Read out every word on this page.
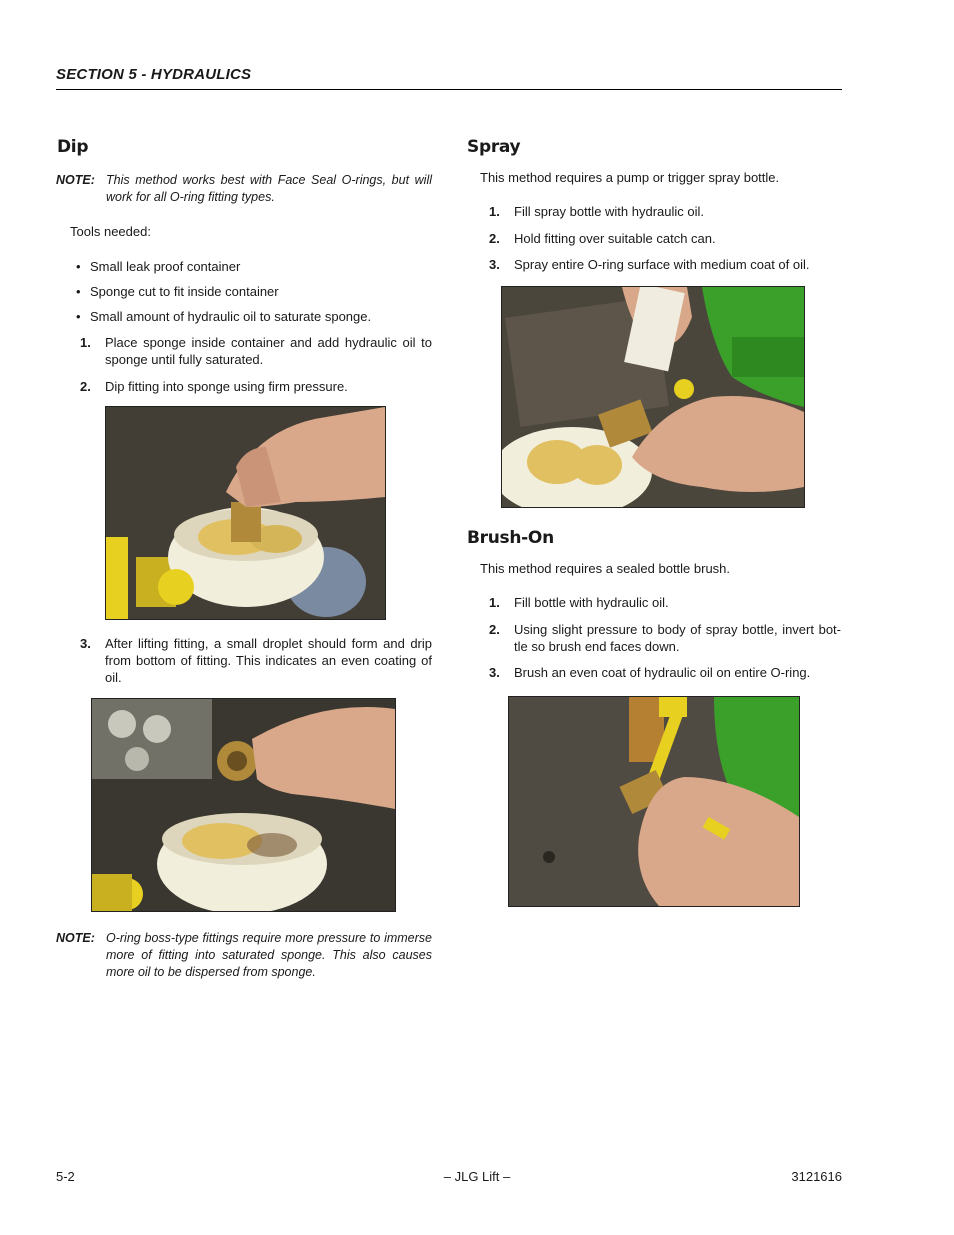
SECTION 5 - HYDRAULICS
Dip
NOTE: This method works best with Face Seal O-rings, but will work for all O-ring fitting types.
Tools needed:
• Small leak proof container
• Sponge cut to fit inside container
• Small amount of hydraulic oil to saturate sponge.
1. Place sponge inside container and add hydraulic oil to sponge until fully saturated.
2. Dip fitting into sponge using firm pressure.
3. After lifting fitting, a small droplet should form and drip from bottom of fitting. This indicates an even coating of oil.
NOTE: O-ring boss-type fittings require more pressure to immerse more of fitting into saturated sponge. This also causes more oil to be dispersed from sponge.
Spray
This method requires a pump or trigger spray bottle.
1. Fill spray bottle with hydraulic oil.
2. Hold fitting over suitable catch can.
3. Spray entire O-ring surface with medium coat of oil.
Brush-On
This method requires a sealed bottle brush.
1. Fill bottle with hydraulic oil.
2. Using slight pressure to body of spray bottle, invert bot-tle so brush end faces down.
3. Brush an even coat of hydraulic oil on entire O-ring.
5-2	– JLG Lift –	3121616
